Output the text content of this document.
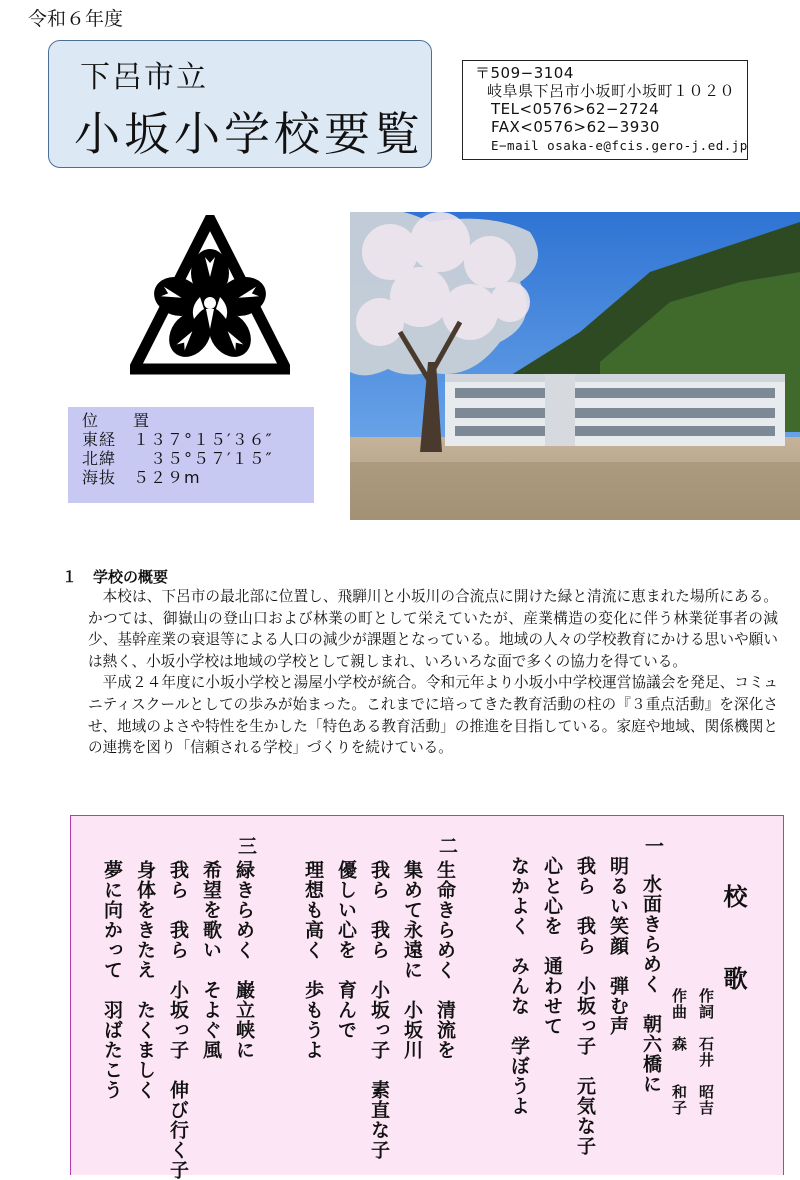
令和６年度
下呂市立
小坂小学校要覧
〒509−3104
岐阜県下呂市小坂町小坂町１０２０
TEL<0576>62−2724
FAX<0576>62−3930
E−mail osaka-e@fcis.gero-j.ed.jp
位　　置
東経　１３７°１５′３６″
北緯　　３５°５７′１５″
海抜　５２９m
１ 学校の概要

本校は、下呂市の最北部に位置し、飛騨川と小坂川の合流点に開けた緑と清流に恵まれた場所にある。かつては、御嶽山の登山口および林業の町として栄えていたが、産業構造の変化に伴う林業従事者の減少、基幹産業の衰退等による人口の減少が課題となっている。地域の人々の学校教育にかける思いや願いは熱く、小坂小学校は地域の学校として親しまれ、いろいろな面で多くの協力を得ている。

平成２４年度に小坂小学校と湯屋小学校が統合。令和元年より小坂小中学校運営協議会を発足、コミュニティスクールとしての歩みが始まった。これまでに培ってきた教育活動の柱の『３重点活動』を深化させ、地域のよさや特性を生かした「特色ある教育活動」の推進を目指している。家庭や地域、関係機関との連携を図り「信頼される学校」づくりを続けている。

校歌
作詞　石井　昭吉
作曲　森　　和子
一
水面きらめく　朝六橋に
明るい笑顔　弾む声
我ら　我ら　小坂っ子　元気な子
心と心を　通わせて
なかよく　みんな　学ぼうよ
二
生命きらめく　清流を
集めて永遠に　小坂川
我ら　我ら　小坂っ子　素直な子
優しい心を　育んで
理想も高く　歩もうよ
三
緑きらめく　巌立峡に
希望を歌い　そよぐ風
我ら　我ら　小坂っ子　伸び行く子
身体をきたえ　たくましく
夢に向かって　羽ばたこう
